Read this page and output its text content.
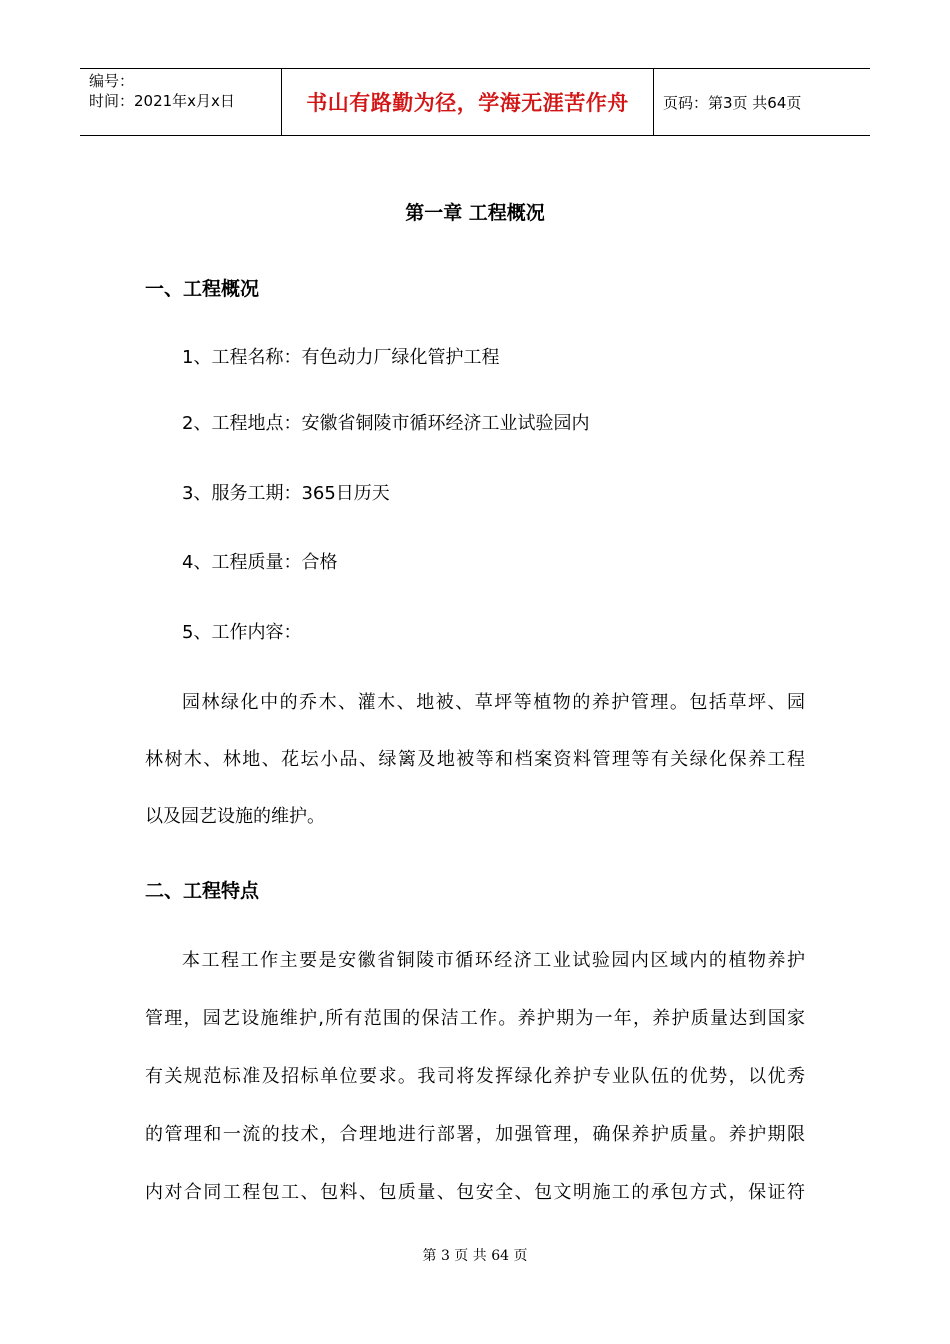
编号：
时间：2021年x月x日	书山有路勤为径，学海无涯苦作舟 页码：第3页 共64页
第一章 工程概况
一、工程概况
1、工程名称：有色动力厂绿化管护工程
2、工程地点：安徽省铜陵市循环经济工业试验园内
3、服务工期：365日历天
4、工程质量：合格
5、工作内容：
园林绿化中的乔木、灌木、地被、草坪等植物的养护管理。包括草坪、园
林树木、林地、花坛小品、绿篱及地被等和档案资料管理等有关绿化保养工程
以及园艺设施的维护。
二、工程特点
本工程工作主要是安徽省铜陵市循环经济工业试验园内区域内的植物养护
管理，园艺设施维护,所有范围的保洁工作。养护期为一年，养护质量达到国家
有关规范标准及招标单位要求。我司将发挥绿化养护专业队伍的优势，以优秀
的管理和一流的技术，合理地进行部署，加强管理，确保养护质量。养护期限
内对合同工程包工、包料、包质量、包安全、包文明施工的承包方式，保证符
第 3 页 共 64 页
